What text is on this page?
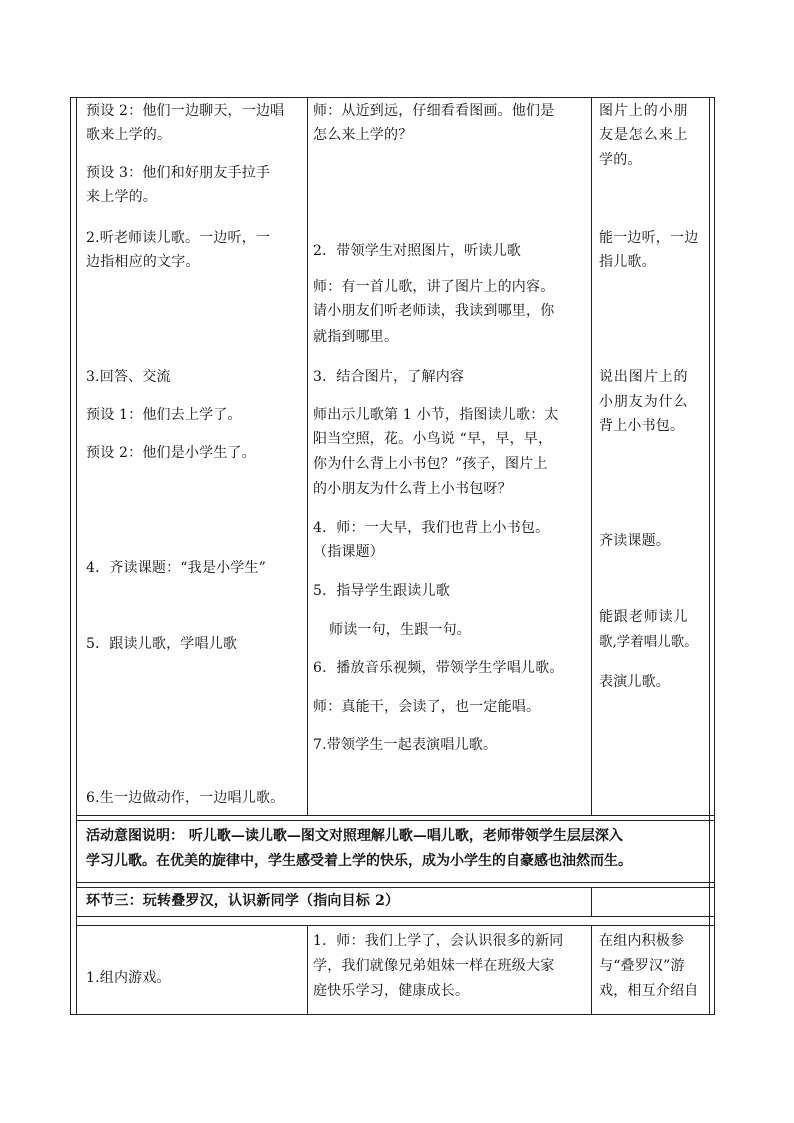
预设 2：他们一边聊天，一边唱
歌来上学的。
预设 3：他们和好朋友手拉手
来上学的。
2.听老师读儿歌。一边听，一
边指相应的文字。
3.回答、交流
预设 1：他们去上学了。
预设 2：他们是小学生了。
4．齐读课题：“我是小学生”
5．跟读儿歌，学唱儿歌
6.生一边做动作，一边唱儿歌。
师：从近到远，仔细看看图画。他们是
怎么来上学的？
2．带领学生对照图片，听读儿歌
师：有一首儿歌，讲了图片上的内容。
请小朋友们听老师读，我读到哪里，你
就指到哪里。
3．结合图片，了解内容
师出示儿歌第 1 小节，指图读儿歌：太
阳当空照，花。小鸟说 “早，早，早，
你为什么背上小书包？”孩子，图片上
的小朋友为什么背上小书包呀？
4．师：一大早，我们也背上小书包。
（指课题）
5．指导学生跟读儿歌
师读一句，生跟一句。
6．播放音乐视频，带领学生学唱儿歌。
师：真能干，会读了，也一定能唱。
7.带领学生一起表演唱儿歌。
图片上的小朋
友是怎么来上
学的。
能一边听，一边
指儿歌。
说出图片上的
小朋友为什么
背上小书包。
齐读课题。
能跟老师读儿
歌,学着唱儿歌。
表演儿歌。
活动意图说明： 听儿歌—读儿歌—图文对照理解儿歌—唱儿歌，老师带领学生层层深入
学习儿歌。在优美的旋律中，学生感受着上学的快乐，成为小学生的自豪感也油然而生。
环节三：玩转叠罗汉，认识新同学（指向目标 2）
1.组内游戏。
1．师：我们上学了，会认识很多的新同
学，我们就像兄弟姐妹一样在班级大家
庭快乐学习，健康成长。
在组内积极参
与“叠罗汉”游
戏，相互介绍自
